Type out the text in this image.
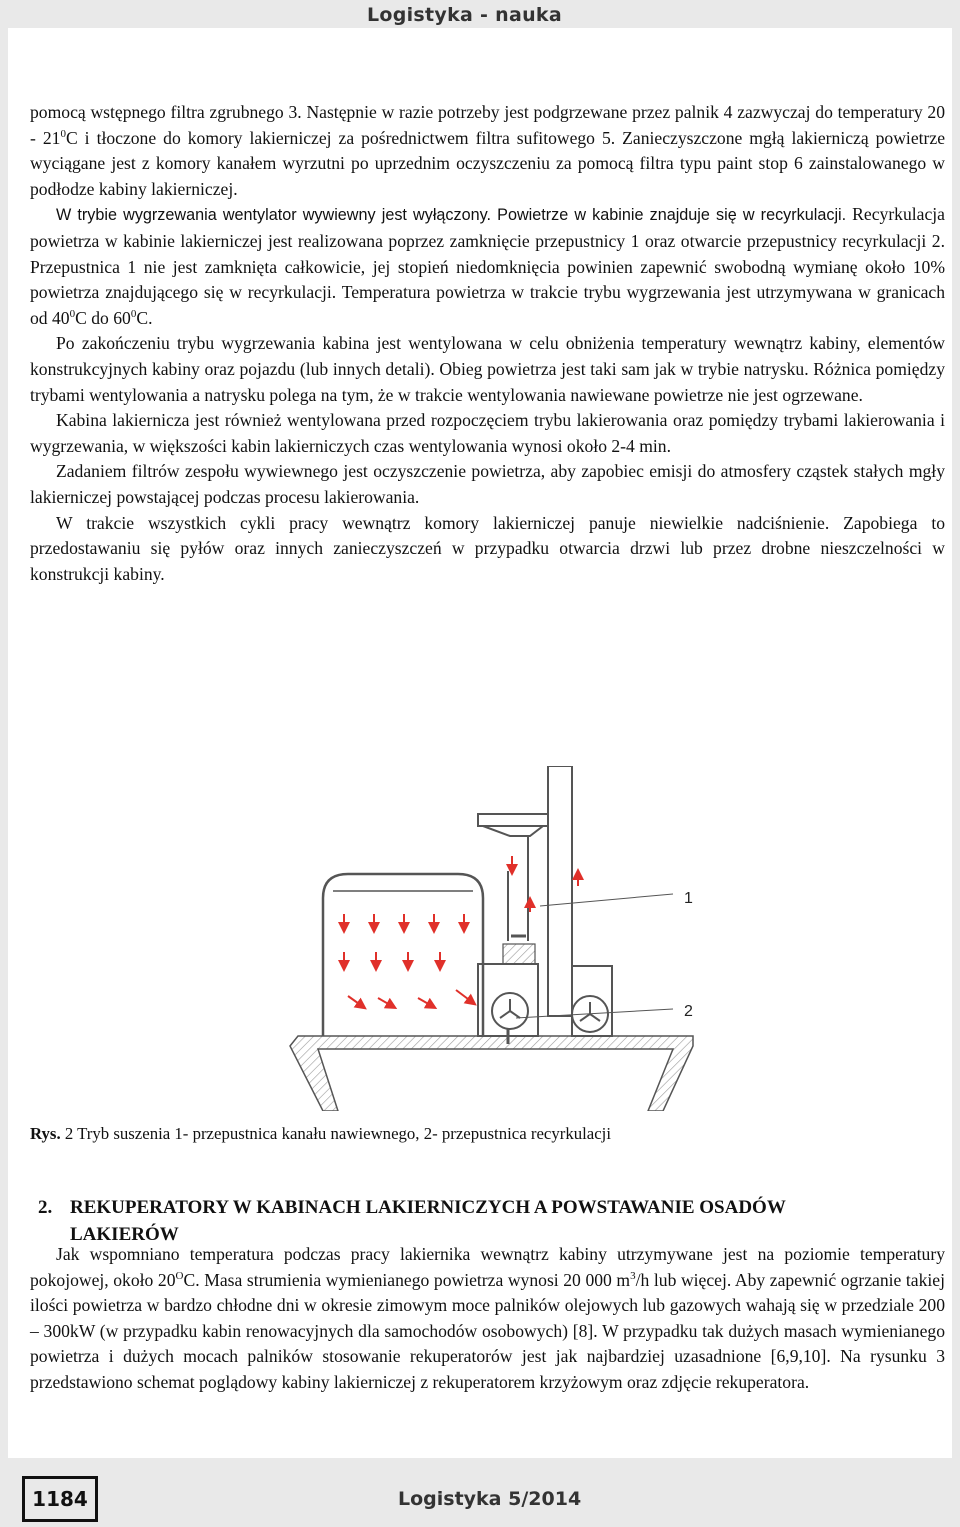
Logistyka - nauka

pomocą wstępnego filtra zgrubnego 3. Następnie w razie potrzeby jest podgrzewane przez palnik 4 zazwyczaj do temperatury $20 - 21^0C$ i tłoczone do komory lakierniczej za pośrednictwem filtra sufitowego 5. Zanieczyszczone mgłą lakierniczą powietrze wyciągane jest z komory kanałem wyrzutni po uprzednim oczyszczeniu za pomocą filtra typu paint stop 6 zainstalowanego w podłodze kabiny lakierniczej.

W trybie wygrzewania wentylator wywiewny jest wyłączony. Powietrze w kabinie znajduje się w recyrkulacji. Recyrkulacja powietrza w kabinie lakierniczej jest realizowana poprzez zamknięcie przepustnicy 1 oraz otwarcie przepustnicy recyrkulacji 2. Przepustnica 1 nie jest zamknięta całkowicie, jej stopień niedomknięcia powinien zapewnić swobodną wymianę około 10% powietrza znajdującego się w recyrkulacji. Temperatura powietrza w trakcie trybu wygrzewania jest utrzymywana w granicach od $40^0C$ do $60^0C$.

Po zakończeniu trybu wygrzewania kabina jest wentylowana w celu obniżenia temperatury wewnątrz kabiny, elementów konstrukcyjnych kabiny oraz pojazdu (lub innych detali). Obieg powietrza jest taki sam jak w trybie natrysku. Różnica pomiędzy trybami wentylowania a natrysku polega na tym, że w trakcie wentylowania nawiewane powietrze nie jest ogrzewane.

Kabina lakiernicza jest również wentylowana przed rozpoczęciem trybu lakierowania oraz pomiędzy trybami lakierowania i wygrzewania, w większości kabin lakierniczych czas wentylowania wynosi około 2-4 min.

Zadaniem filtrów zespołu wywiewnego jest oczyszczenie powietrza, aby zapobiec emisji do atmosfery cząstek stałych mgły lakierniczej powstającej podczas procesu lakierowania.

W trakcie wszystkich cykli pracy wewnątrz komory lakierniczej panuje niewielkie nadciśnienie. Zapobiega to przedostawaniu się pyłów oraz innych zanieczyszczeń w przypadku otwarcia drzwi lub przez drobne nieszczelności w konstrukcji kabiny.

1
2
Rys. 2 Tryb suszenia 1- przepustnica kanału nawiewnego, 2- przepustnica recyrkulacji
2. REKUPERATORY W KABINACH LAKIERNICZYCH A POWSTAWANIE OSADÓW
LAKIERÓW

Jak wspomniano temperatura podczas pracy lakiernika wewnątrz kabiny utrzymywane jest na poziomie temperatury pokojowej, około $20^OC$. Masa strumienia wymienianego powietrza wynosi 20 000 $m^3/h$ lub więcej. Aby zapewnić ogrzanie takiej ilości powietrza w bardzo chłodne dni w okresie zimowym moce palników olejowych lub gazowych wahają się w przedziale 200 – 300kW (w przypadku kabin renowacyjnych dla samochodów osobowych) [8]. W przypadku tak dużych masach wymienianego powietrza i dużych mocach palników stosowanie rekuperatorów jest jak najbardziej uzasadnione [6,9,10]. Na rysunku 3 przedstawiono schemat poglądowy kabiny lakierniczej z rekuperatorem krzyżowym oraz zdjęcie rekuperatora.

1184	Logistyka 5/2014
